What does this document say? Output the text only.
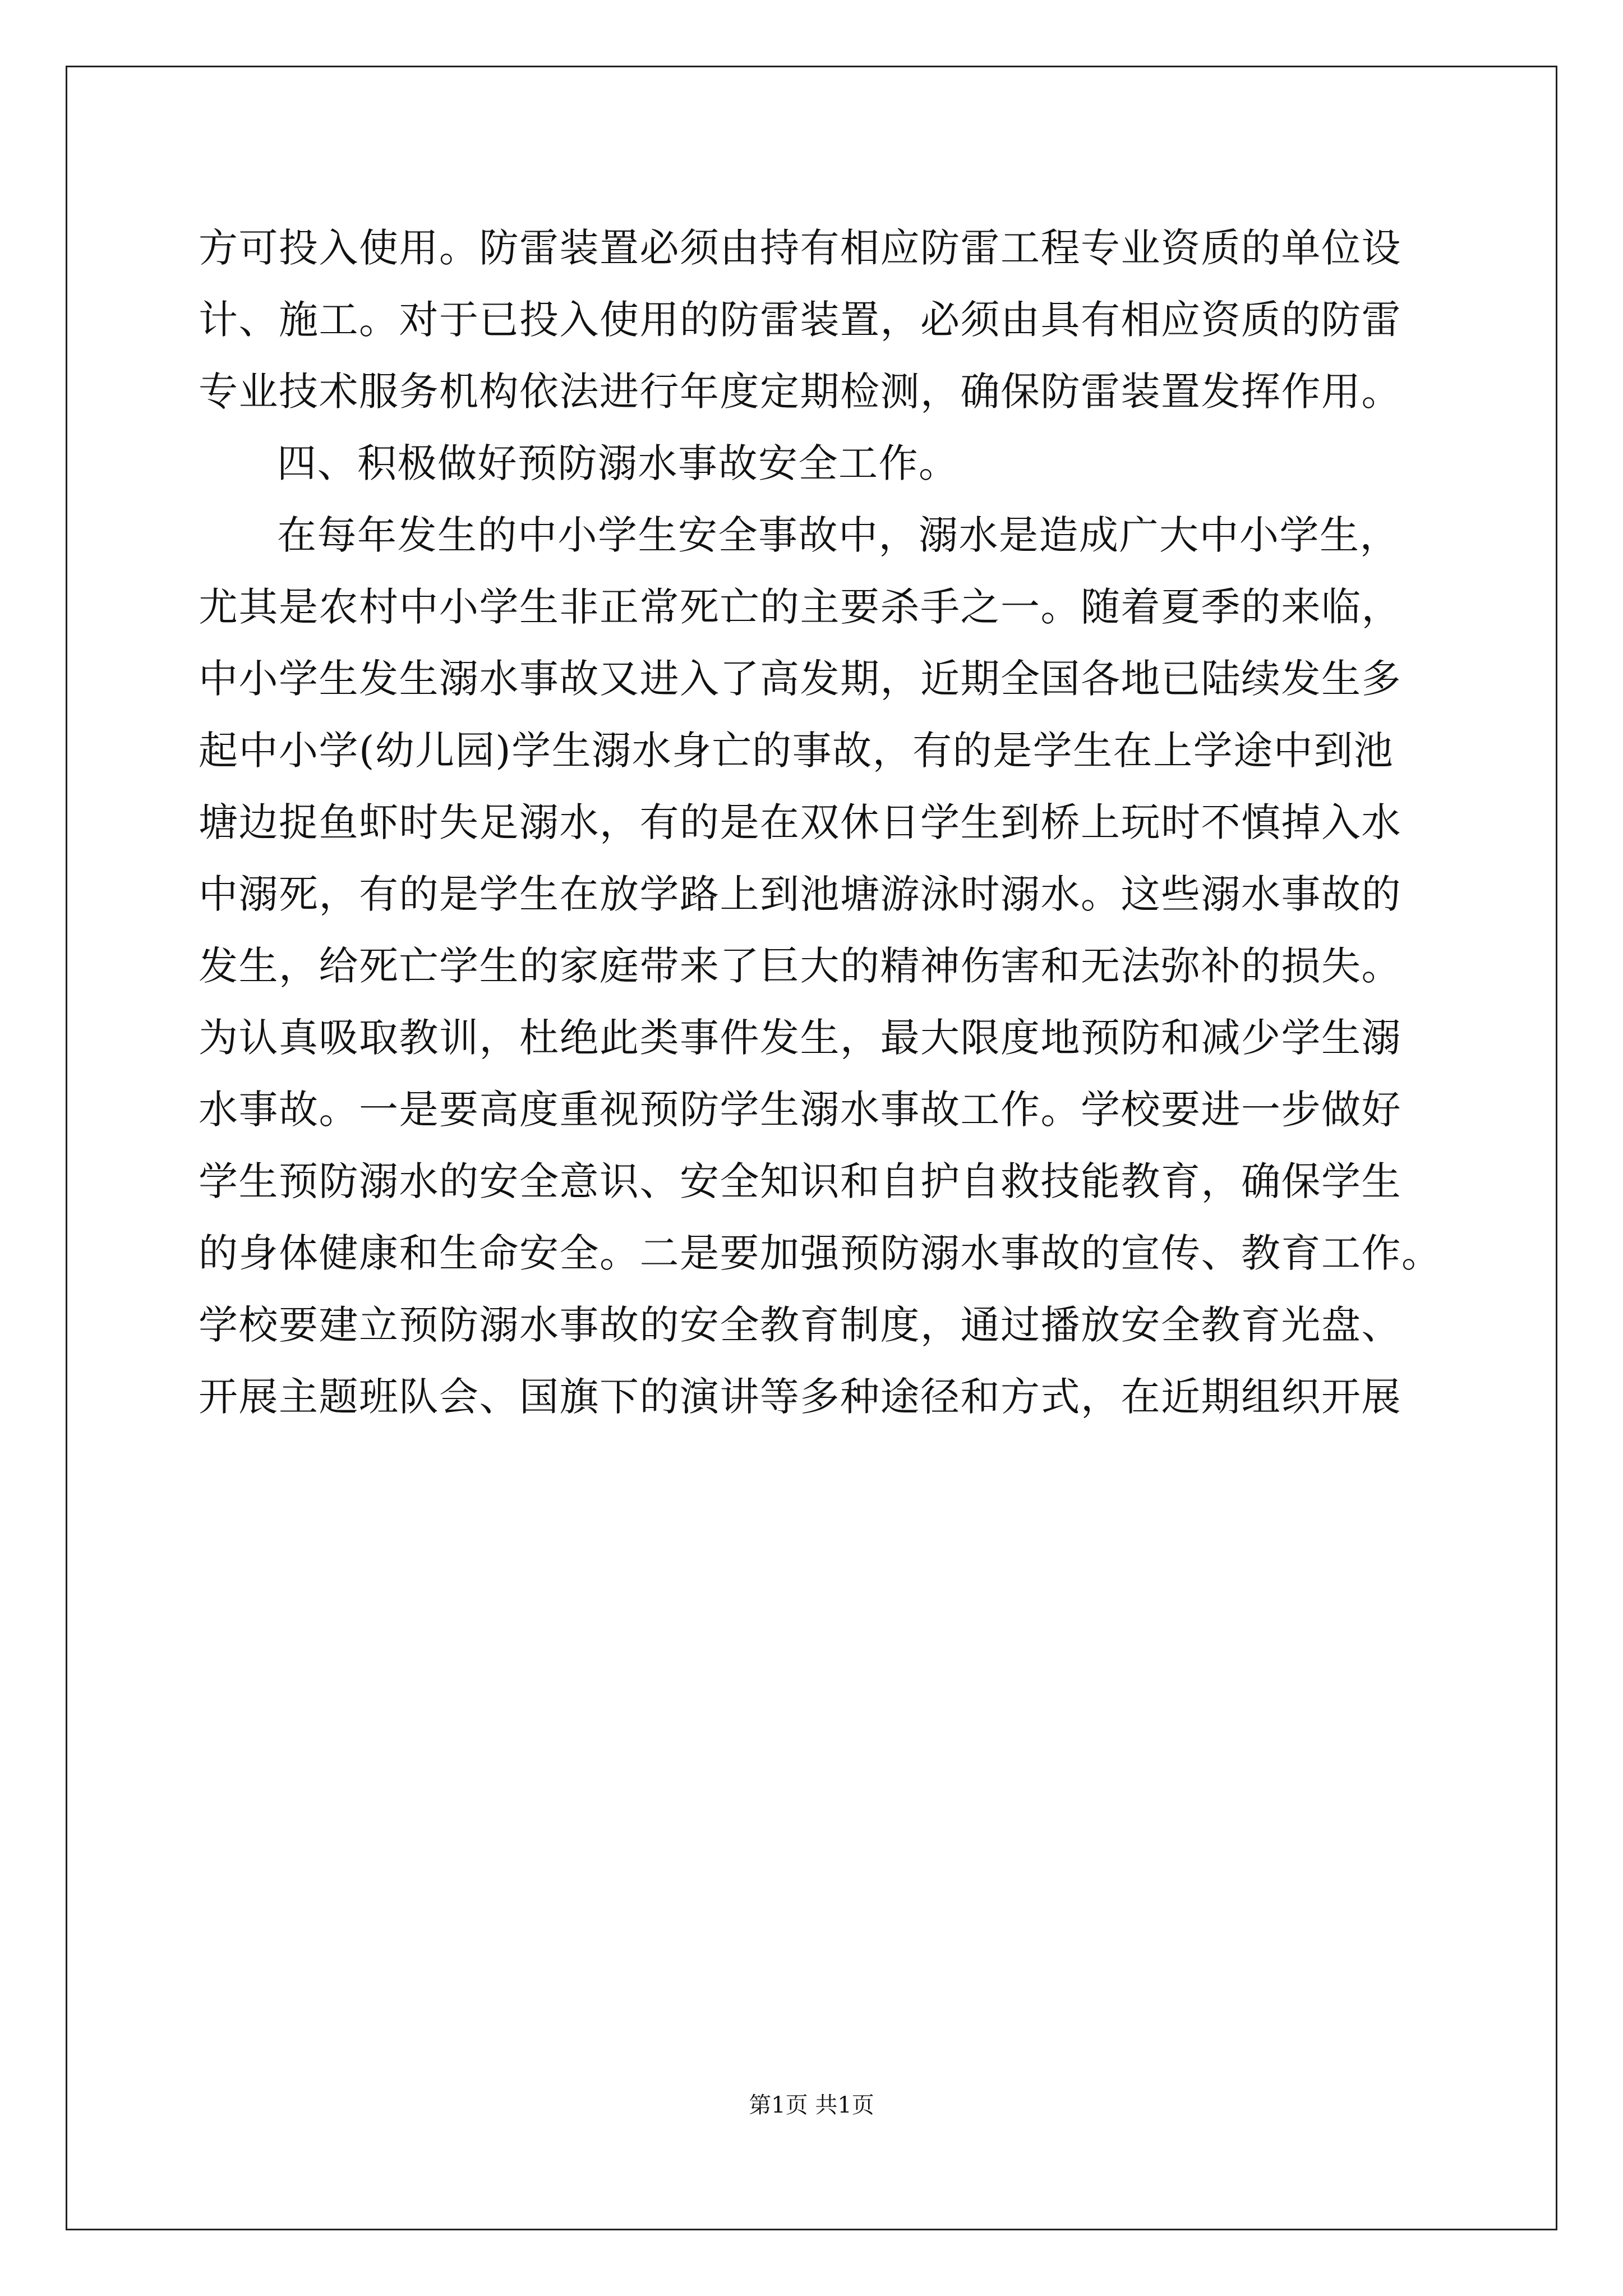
方可投入使用。防雷装置必须由持有相应防雷工程专业资质的单位设
计、施工。对于已投入使用的防雷装置，必须由具有相应资质的防雷
专业技术服务机构依法进行年度定期检测，确保防雷装置发挥作用。
四、积极做好预防溺水事故安全工作。
在每年发生的中小学生安全事故中，溺水是造成广大中小学生，
尤其是农村中小学生非正常死亡的主要杀手之一。随着夏季的来临，
中小学生发生溺水事故又进入了高发期，近期全国各地已陆续发生多
起中小学(幼儿园)学生溺水身亡的事故，有的是学生在上学途中到池
塘边捉鱼虾时失足溺水，有的是在双休日学生到桥上玩时不慎掉入水
中溺死，有的是学生在放学路上到池塘游泳时溺水。这些溺水事故的
发生，给死亡学生的家庭带来了巨大的精神伤害和无法弥补的损失。
为认真吸取教训，杜绝此类事件发生，最大限度地预防和减少学生溺
水事故。一是要高度重视预防学生溺水事故工作。学校要进一步做好
学生预防溺水的安全意识、安全知识和自护自救技能教育，确保学生
的身体健康和生命安全。二是要加强预防溺水事故的宣传、教育工作。
学校要建立预防溺水事故的安全教育制度，通过播放安全教育光盘、
开展主题班队会、国旗下的演讲等多种途径和方式，在近期组织开展
第1页 共1页
